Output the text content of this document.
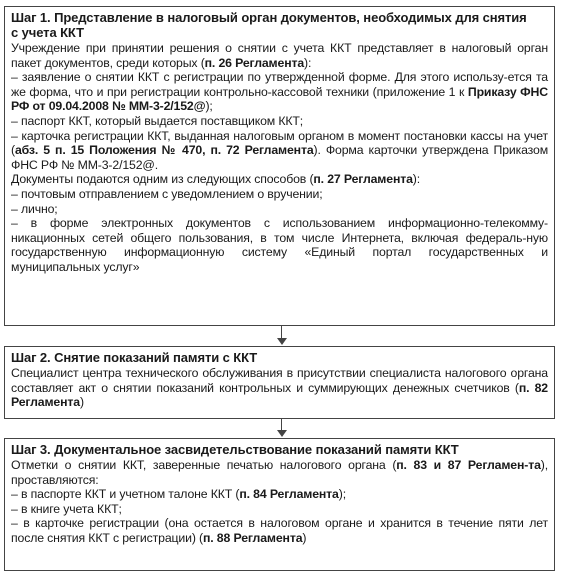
Шаг 1. Представление в налоговый орган документов, необходимых для снятия
с учета ККТ

Учреждение при принятии решения о снятии с учета ККТ представляет в налоговый орган пакет документов, среди которых (п. 26 Регламента):

– заявление о снятии ККТ с регистрации по утвержденной форме. Для этого использу-ется та же форма, что и при регистрации контрольно-кассовой техники (приложение 1 к Приказу ФНС РФ от 09.04.2008 № ММ-3-2/152@);

– паспорт ККТ, который выдается поставщиком ККТ;

– карточка регистрации ККТ, выданная налоговым органом в момент постановки кассы на учет (абз. 5 п. 15 Положения № 470, п. 72 Регламента). Форма карточки утверждена Приказом ФНС РФ № ММ-3-2/152@.

Документы подаются одним из следующих способов (п. 27 Регламента):

– почтовым отправлением с уведомлением о вручении;

– лично;

– в форме электронных документов с использованием информационно-телекомму-никационных сетей общего пользования, в том числе Интернета, включая федераль-ную государственную информационную систему «Единый портал государственных и муниципальных услуг»

Шаг 2. Снятие показаний памяти с ККТ

Специалист центра технического обслуживания в присутствии специалиста налогового органа составляет акт о снятии показаний контрольных и суммирующих денежных счетчиков (п. 82 Регламента)

Шаг 3. Документальное засвидетельствование показаний памяти ККТ

Отметки о снятии ККТ, заверенные печатью налогового органа (п. 83 и 87 Регламен-та), проставляются:

– в паспорте ККТ и учетном талоне ККТ (п. 84 Регламента);

– в книге учета ККТ;

– в карточке регистрации (она остается в налоговом органе и хранится в течение пяти лет после снятия ККТ с регистрации) (п. 88 Регламента)
